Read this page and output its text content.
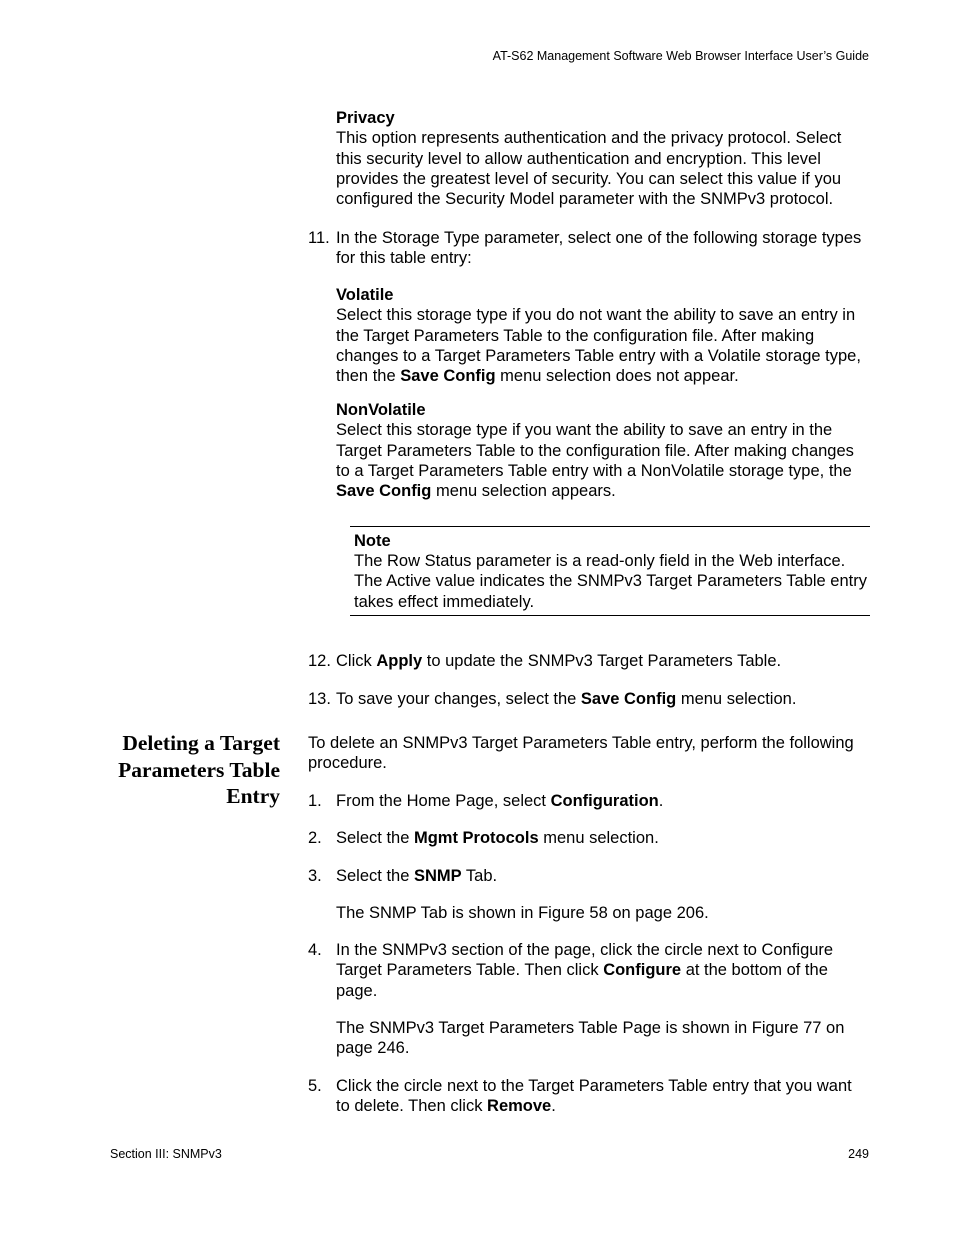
AT-S62 Management Software Web Browser Interface User’s Guide
Privacy
This option represents authentication and the privacy protocol. Select this security level to allow authentication and encryption. This level provides the greatest level of security. You can select this value if you configured the Security Model parameter with the SNMPv3 protocol.
11. In the Storage Type parameter, select one of the following storage types for this table entry:
Volatile
Select this storage type if you do not want the ability to save an entry in the Target Parameters Table to the configuration file. After making changes to a Target Parameters Table entry with a Volatile storage type, then the Save Config menu selection does not appear.
NonVolatile
Select this storage type if you want the ability to save an entry in the Target Parameters Table to the configuration file. After making changes to a Target Parameters Table entry with a NonVolatile storage type, the Save Config menu selection appears.
Note
The Row Status parameter is a read-only field in the Web interface. The Active value indicates the SNMPv3 Target Parameters Table entry takes effect immediately.
12. Click Apply to update the SNMPv3 Target Parameters Table.
13. To save your changes, select the Save Config menu selection.
Deleting a Target
Parameters Table
Entry
To delete an SNMPv3 Target Parameters Table entry, perform the following procedure.
1. From the Home Page, select Configuration.
2. Select the Mgmt Protocols menu selection.
3. Select the SNMP Tab.
The SNMP Tab is shown in Figure 58 on page 206.
4. In the SNMPv3 section of the page, click the circle next to Configure Target Parameters Table. Then click Configure at the bottom of the page.
The SNMPv3 Target Parameters Table Page is shown in Figure 77 on page 246.
5. Click the circle next to the Target Parameters Table entry that you want to delete. Then click Remove.
Section III: SNMPv3	249
